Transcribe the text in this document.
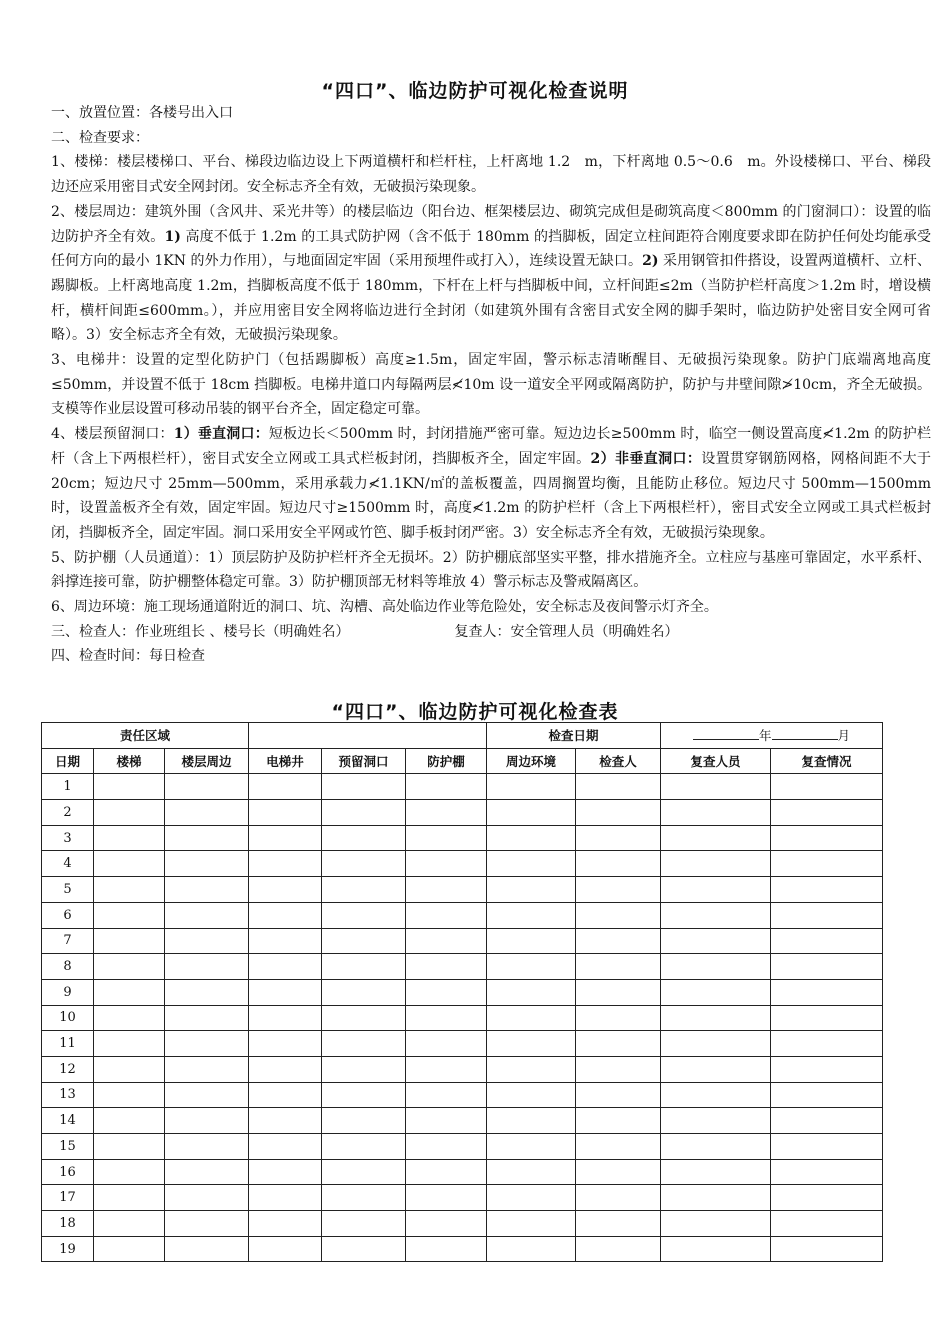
“四口”、临边防护可视化检查说明

一、放置位置：各楼号出入口

二、检查要求：

1、楼梯：楼层楼梯口、平台、梯段边临边设上下两道横杆和栏杆柱，上杆离地 1.2　m，下杆离地 0.5～0.6　m。外设楼梯口、平台、梯段边还应采用密目式安全网封闭。安全标志齐全有效，无破损污染现象。

2、楼层周边：建筑外围（含风井、采光井等）的楼层临边（阳台边、框架楼层边、砌筑完成但是砌筑高度＜800mm 的门窗洞口）：设置的临边防护齐全有效。1) 高度不低于 1.2m 的工具式防护网（含不低于 180mm 的挡脚板，固定立柱间距符合刚度要求即在防护任何处均能承受任何方向的最小 1KN 的外力作用），与地面固定牢固（采用预埋件或打入），连续设置无缺口。2) 采用钢管扣件搭设，设置两道横杆、立杆、踢脚板。上杆离地高度 1.2m，挡脚板高度不低于 180mm，下杆在上杆与挡脚板中间，立杆间距≤2m（当防护栏杆高度＞1.2m 时，增设横杆，横杆间距≤600mm。），并应用密目安全网将临边进行全封闭（如建筑外围有含密目式安全网的脚手架时，临边防护处密目安全网可省略）。3）安全标志齐全有效，无破损污染现象。

3、电梯井：设置的定型化防护门（包括踢脚板）高度≥1.5m，固定牢固，警示标志清晰醒目、无破损污染现象。防护门底端离地高度≤50mm，并设置不低于 18cm 挡脚板。电梯井道口内每隔两层≮10m 设一道安全平网或隔离防护，防护与井壁间隙≯10cm，齐全无破损。支模等作业层设置可移动吊装的钢平台齐全，固定稳定可靠。

4、楼层预留洞口：1）垂直洞口：短板边长＜500mm 时，封闭措施严密可靠。短边边长≥500mm 时，临空一侧设置高度≮1.2m 的防护栏杆（含上下两根栏杆），密目式安全立网或工具式栏板封闭，挡脚板齐全，固定牢固。2）非垂直洞口：设置贯穿钢筋网格，网格间距不大于 20cm；短边尺寸 25mm—500mm，采用承载力≮1.1KN/㎡的盖板覆盖，四周搁置均衡，且能防止移位。短边尺寸 500mm—1500mm 时，设置盖板齐全有效，固定牢固。短边尺寸≥1500mm 时，高度≮1.2m 的防护栏杆（含上下两根栏杆），密目式安全立网或工具式栏板封闭，挡脚板齐全，固定牢固。洞口采用安全平网或竹笆、脚手板封闭严密。3）安全标志齐全有效，无破损污染现象。

5、防护棚（人员通道）：1）顶层防护及防护栏杆齐全无损坏。2）防护棚底部坚实平整，排水措施齐全。立柱应与基座可靠固定，水平系杆、斜撑连接可靠，防护棚整体稳定可靠。3）防护棚顶部无材料等堆放 4）警示标志及警戒隔离区。

6、周边环境：施工现场通道附近的洞口、坑、沟槽、高处临边作业等危险处，安全标志及夜间警示灯齐全。

三、检查人：作业班组长 、楼号长（明确姓名）	复查人：安全管理人员（明确姓名）

四、检查时间：每日检查

“四口”、临边防护可视化检查表
责任区域						检查日期		年 月	
日期	楼梯	楼层周边	电梯井	预留洞口	防护棚	周边环境	检查人	复查人员	复查情况
1									
2									
3									
4									
5									
6									
7									
8									
9									
10									
11									
12									
13									
14									
15									
16									
17									
18									
19									
